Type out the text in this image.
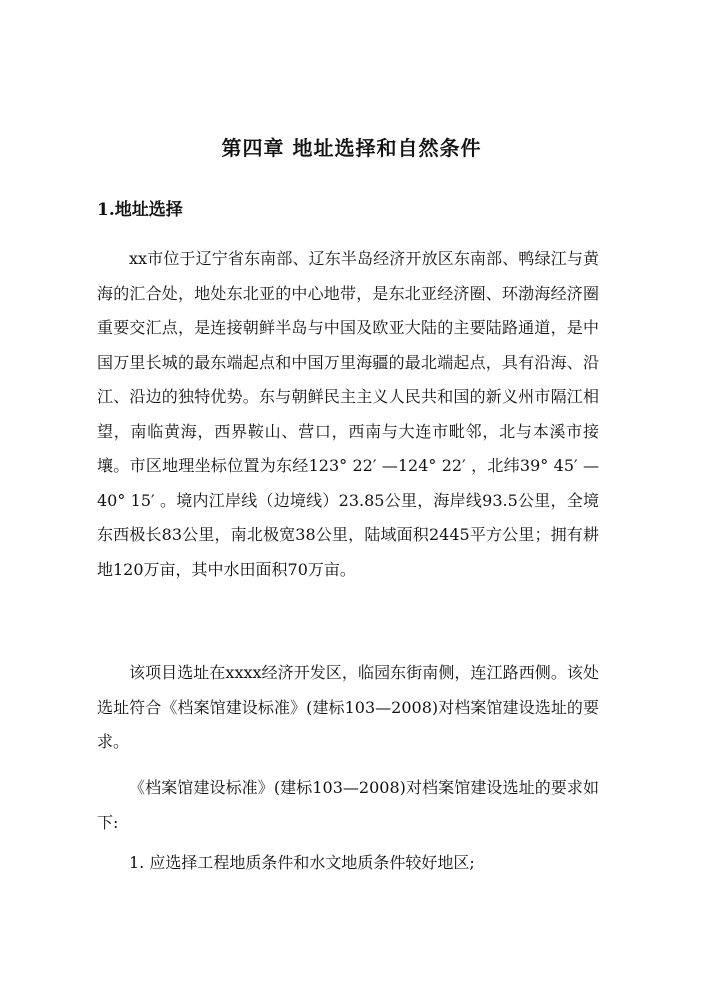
第四章 地址选择和自然条件
1.地址选择

xx市位于辽宁省东南部、辽东半岛经济开放区东南部、鸭绿江与黄海的汇合处，地处东北亚的中心地带，是东北亚经济圈、环渤海经济圈重要交汇点，是连接朝鲜半岛与中国及欧亚大陆的主要陆路通道，是中国万里长城的最东端起点和中国万里海疆的最北端起点，具有沿海、沿江、沿边的独特优势。东与朝鲜民主主义人民共和国的新义州市隔江相望，南临黄海，西界鞍山、营口，西南与大连市毗邻，北与本溪市接壤。市区地理坐标位置为东经123° 22′ —124° 22′ ，北纬39° 45′ —40° 15′ 。境内江岸线（边境线）23.85公里，海岸线93.5公里，全境东西极长83公里，南北极宽38公里，陆域面积2445平方公里；拥有耕地120万亩，其中水田面积70万亩。

该项目选址在xxxx经济开发区，临园东街南侧，连江路西侧。该处选址符合《档案馆建设标准》(建标103—2008)对档案馆建设选址的要求。

《档案馆建设标准》(建标103—2008)对档案馆建设选址的要求如下:

1. 应选择工程地质条件和水文地质条件较好地区;
